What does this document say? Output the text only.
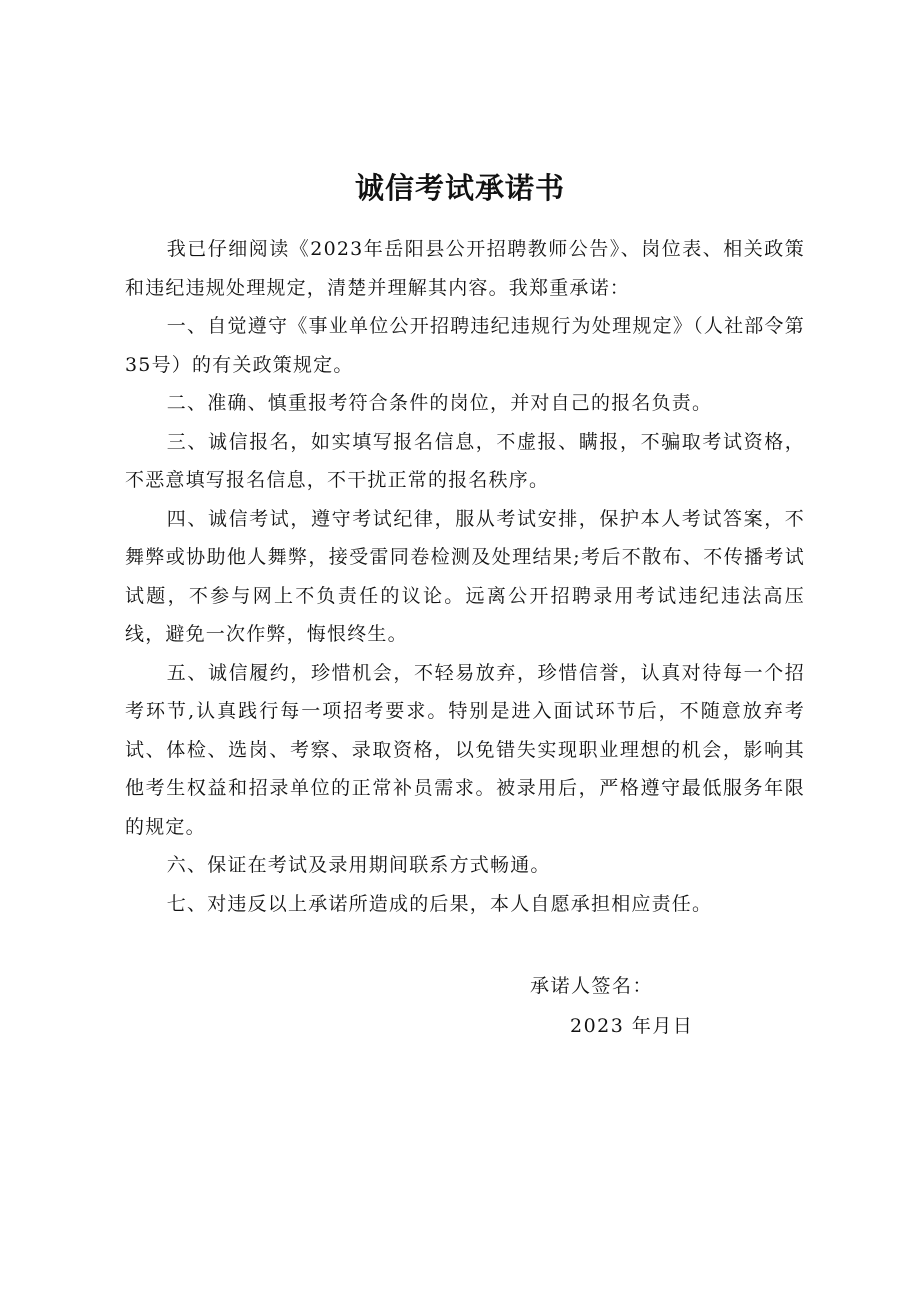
诚信考试承诺书

我已仔细阅读《2023年岳阳县公开招聘教师公告》、岗位表、相关政策和违纪违规处理规定，清楚并理解其内容。我郑重承诺：

一、自觉遵守《事业单位公开招聘违纪违规行为处理规定》（人社部令第35号）的有关政策规定。

二、准确、慎重报考符合条件的岗位，并对自己的报名负责。

三、诚信报名，如实填写报名信息，不虚报、瞒报，不骗取考试资格，不恶意填写报名信息，不干扰正常的报名秩序。

四、诚信考试，遵守考试纪律，服从考试安排，保护本人考试答案，不舞弊或协助他人舞弊，接受雷同卷检测及处理结果;考后不散布、不传播考试试题，不参与网上不负责任的议论。远离公开招聘录用考试违纪违法高压线，避免一次作弊，悔恨终生。

五、诚信履约，珍惜机会，不轻易放弃，珍惜信誉，认真对待每一个招考环节,认真践行每一项招考要求。特别是进入面试环节后，不随意放弃考试、体检、选岗、考察、录取资格，以免错失实现职业理想的机会，影响其他考生权益和招录单位的正常补员需求。被录用后，严格遵守最低服务年限的规定。

六、保证在考试及录用期间联系方式畅通。

七、对违反以上承诺所造成的后果，本人自愿承担相应责任。

承诺人签名：
2023 年月日
